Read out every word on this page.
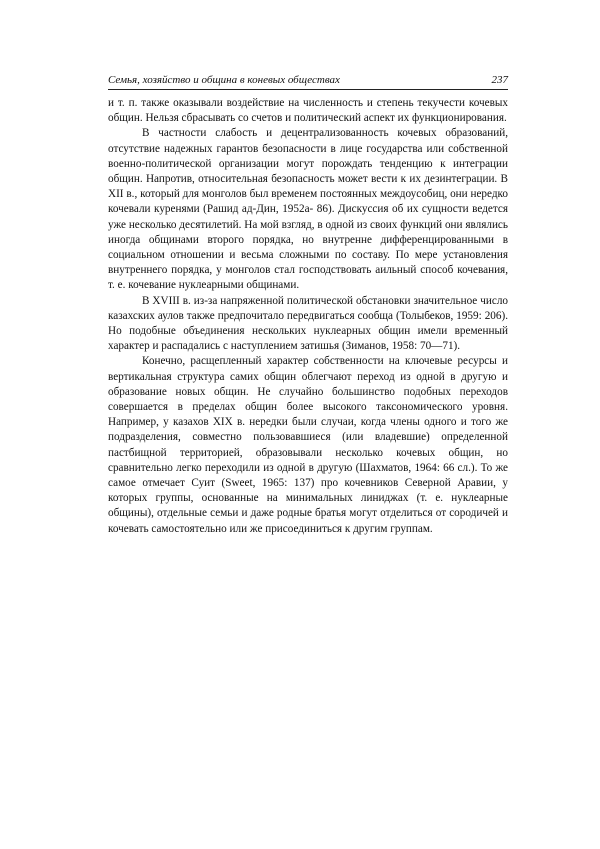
Семья, хозяйство и община в коневых обществах	237

и т. п. также оказывали воздействие на численность и степень текучести кочевых общин. Нельзя сбрасывать со счетов и политический аспект их функционирования.

В частности слабость и децентрализованность кочевых образований, отсутствие надежных гарантов безопасности в лице государства или собственной военно-политической организации могут порождать тенденцию к интеграции общин. Напротив, относительная безопасность может вести к их дезинтеграции. В XII в., который для монголов был временем постоянных междоусобиц, они нередко кочевали куренями (Рашид ад-Дин, 1952а- 86). Дискуссия об их сущности ведется уже несколько десятилетий. На мой взгляд, в одной из своих функций они являлись иногда общинами второго порядка, но внутренне дифференцированными в социальном отношении и весьма сложными по составу. По мере установления внутреннего порядка, у монголов стал господствовать аильный способ кочевания, т. е. кочевание нуклеарными общинами.

В XVIII в. из-за напряженной политической обстановки значительное число казахских аулов также предпочитало передвигаться сообща (Толыбеков, 1959: 206). Но подобные объединения нескольких нуклеарных общин имели временный характер и распадались с наступлением затишья (Зиманов, 1958: 70—71).

Конечно, расщепленный характер собственности на ключевые ресурсы и вертикальная структура самих общин облегчают переход из одной в другую и образование новых общин. Не случайно большинство подобных переходов совершается в пределах общин более высокого таксономического уровня. Например, у казахов XIX в. нередки были случаи, когда члены одного и того же подразделения, совместно пользовавшиеся (или владевшие) определенной пастбищной территорией, образовывали несколько кочевых общин, но сравнительно легко переходили из одной в другую (Шахматов, 1964: 66 сл.). То же самое отмечает Суит (Sweet, 1965: 137) про кочевников Северной Аравии, у которых группы, основанные на минимальных линиджах (т. е. нуклеарные общины), отдельные семьи и даже родные братья могут отделиться от сородичей и кочевать самостоятельно или же присоединиться к другим группам.
